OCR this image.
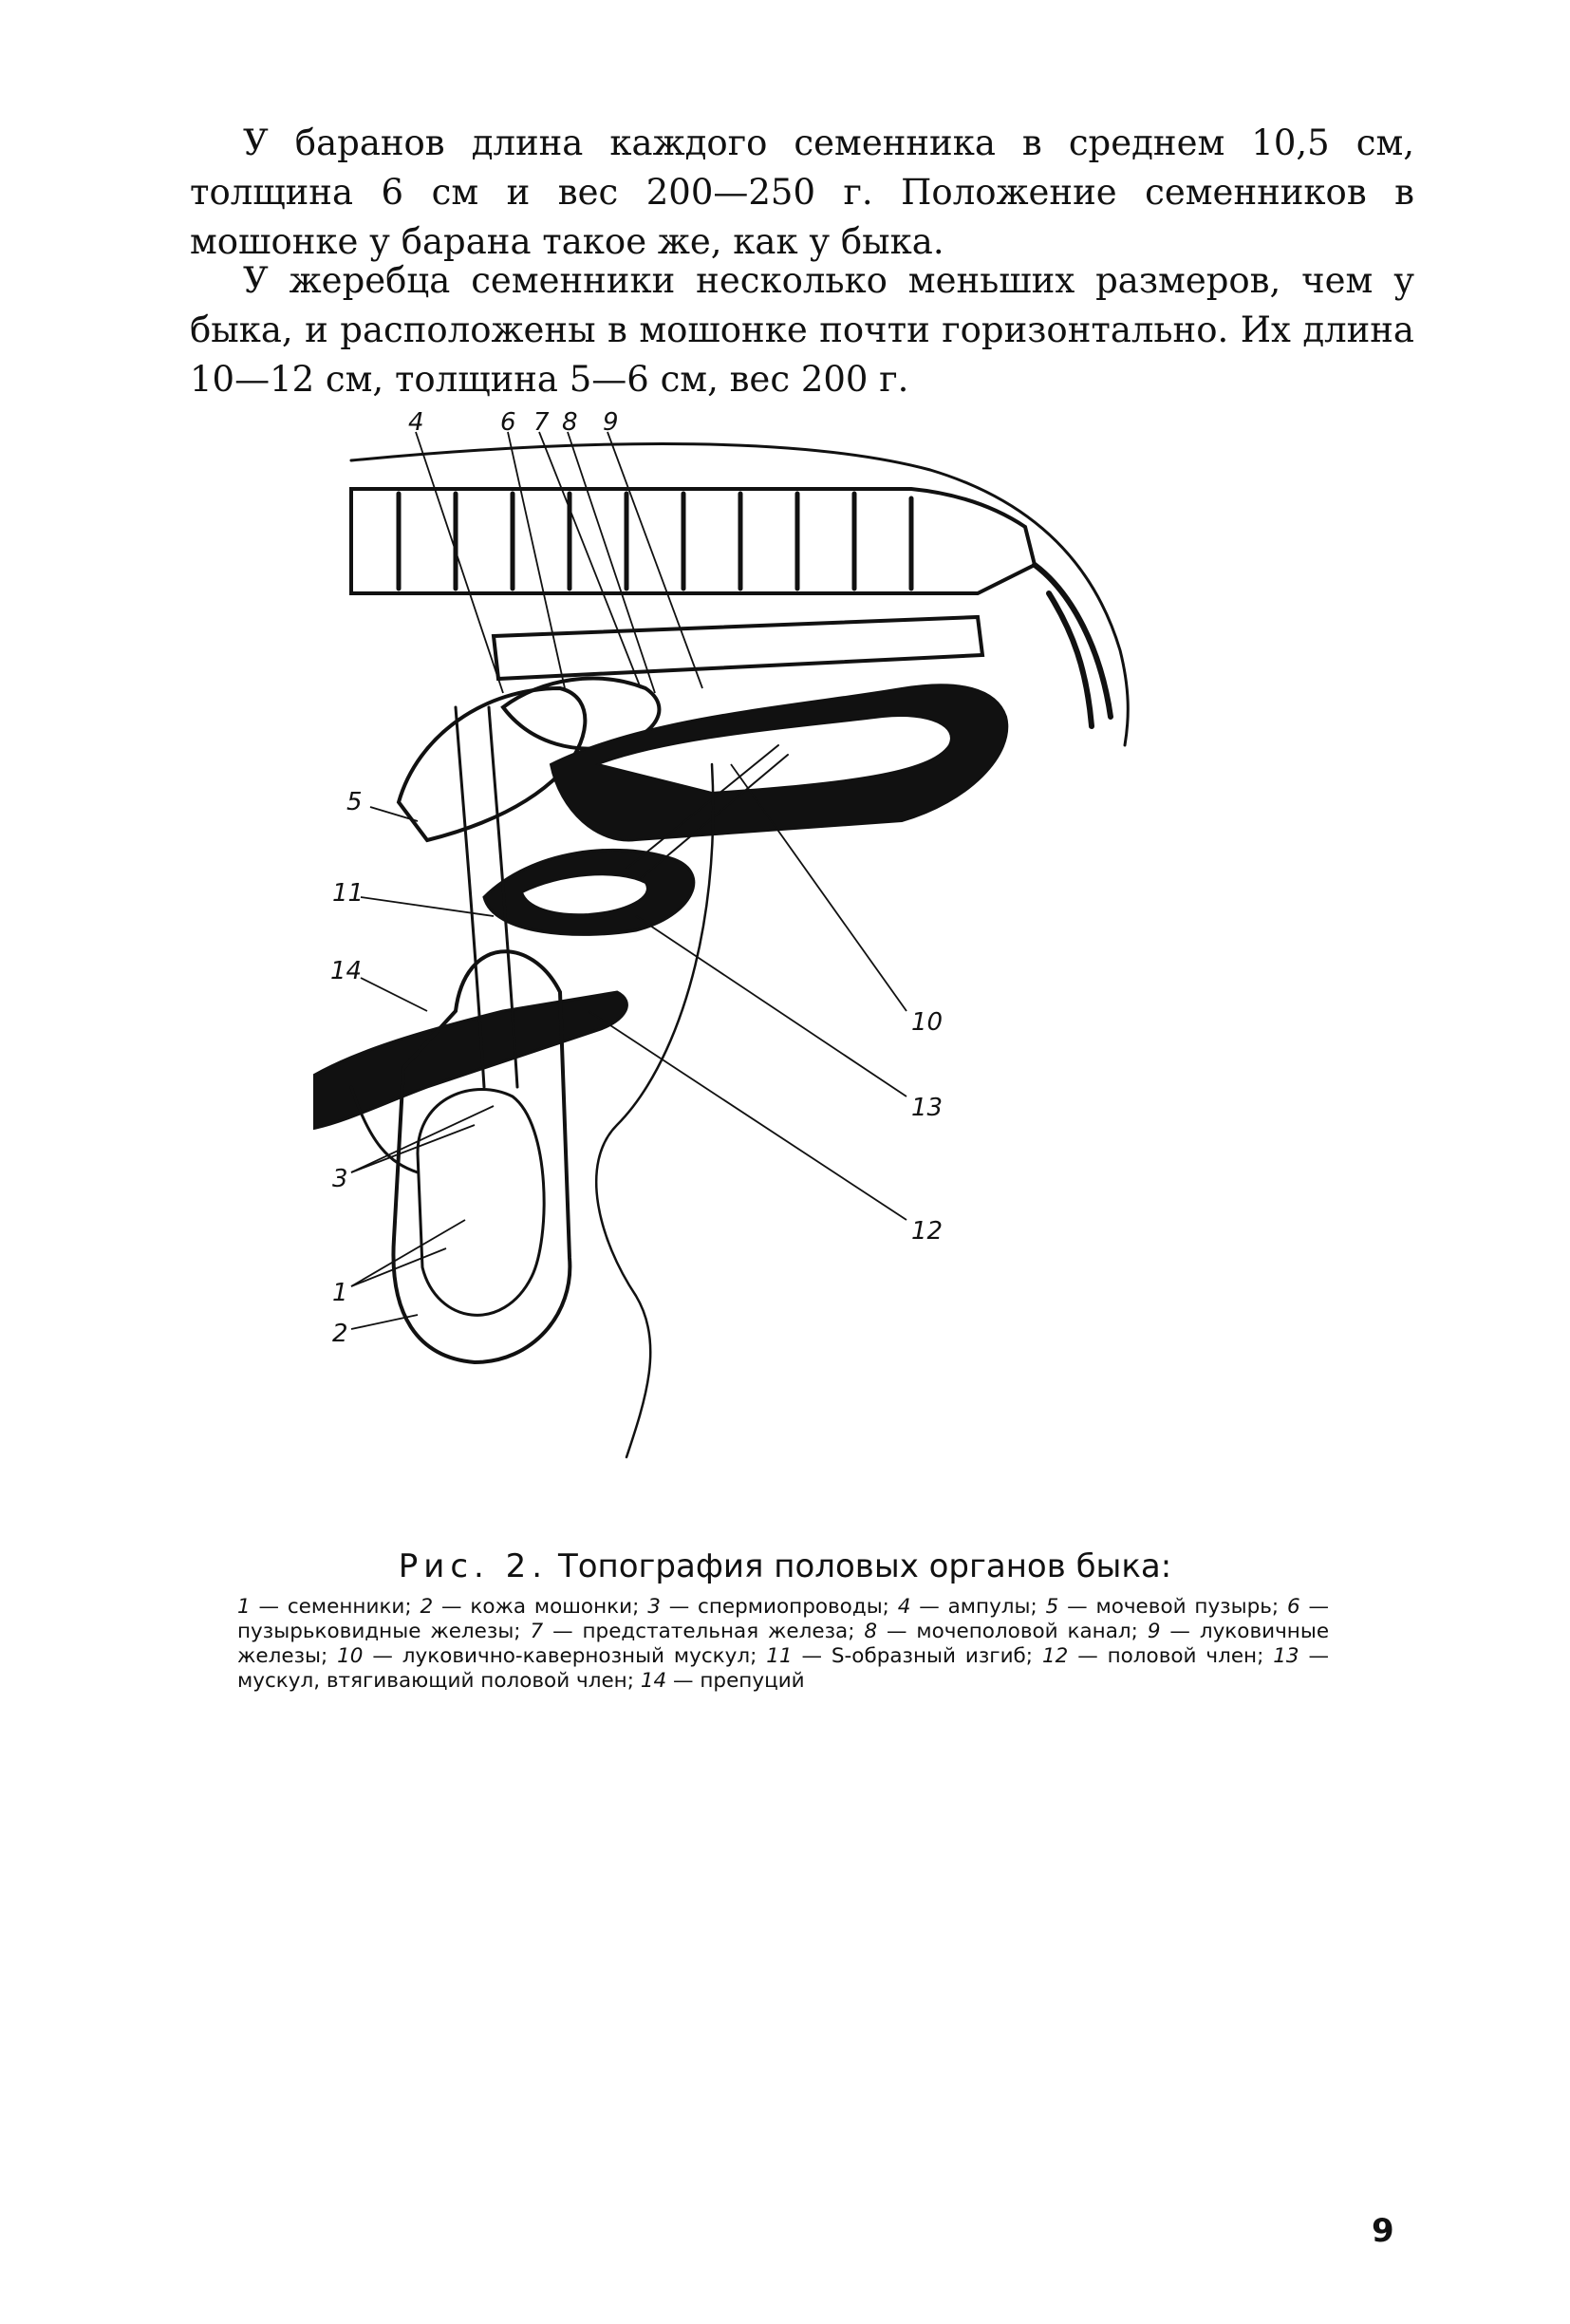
У баранов длина каждого семенника в среднем 10,5 см, толщина 6 см и вес 200—250 г. Положение семенников в мошонке у барана такое же, как у быка.

У жеребца семенники несколько меньших размеров, чем у быка, и расположены в мошонке почти горизонтально. Их длина 10—12 см, толщина 5—6 см, вес 200 г.

4	6 7 8 9
5
11
14
3
1
2
10
13
12

Рис. 2. Топография половых органов быка:

1 — семенники; 2 — кожа мошонки; 3 — спермиопроводы; 4 — ампулы; 5 — мочевой пузырь; 6 — пузырьковидные железы; 7 — предстательная железа; 8 — мочеполовой канал; 9 — луковичные железы; 10 — луковично-кавернозный мускул; 11 — S-образный изгиб; 12 — половой член; 13 — мускул, втягивающий половой член; 14 — препуций

9
